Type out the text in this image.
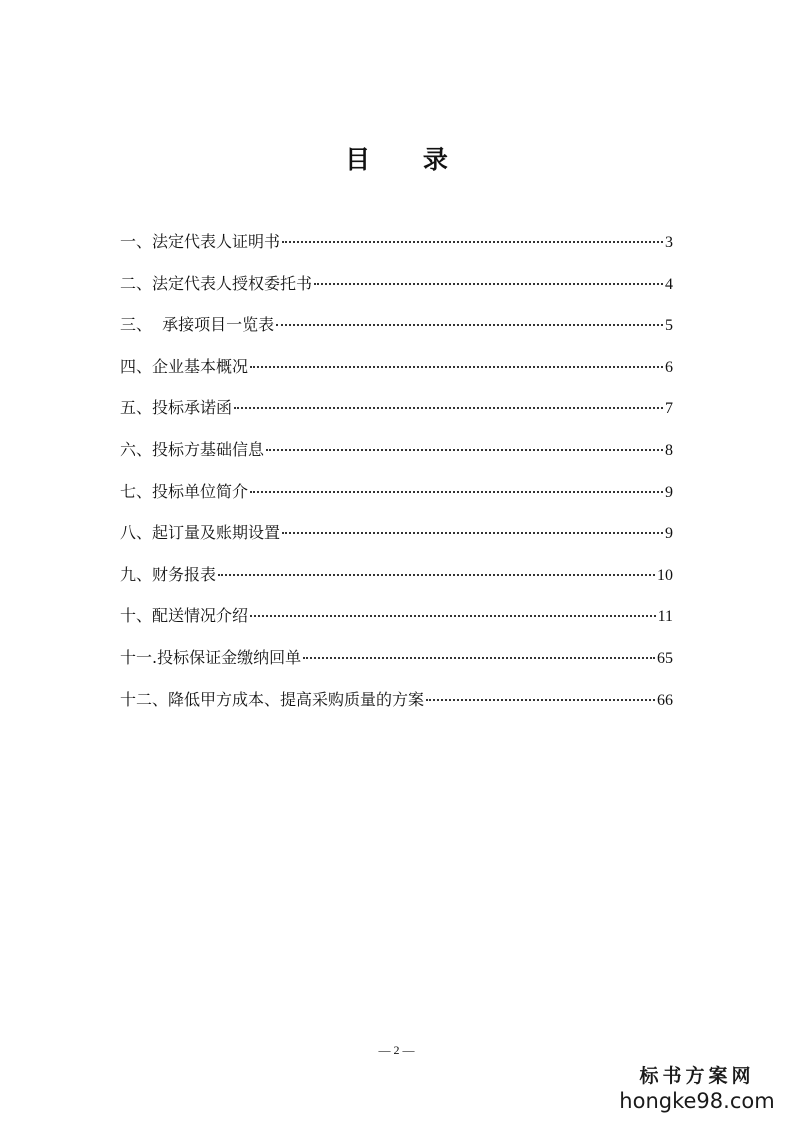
目 录
一、法定代表人证明书	3
二、法定代表人授权委托书	4
三、  承接项目一览表	5
四、企业基本概况	6
五、投标承诺函	7
六、投标方基础信息	8
七、投标单位简介	9
八、起订量及账期设置	9
九、财务报表	10
十、配送情况介绍	11
十一.投标保证金缴纳回单	65
十二、降低甲方成本、提高采购质量的方案	66
— 2 —
标书方案网
hongke98.com
